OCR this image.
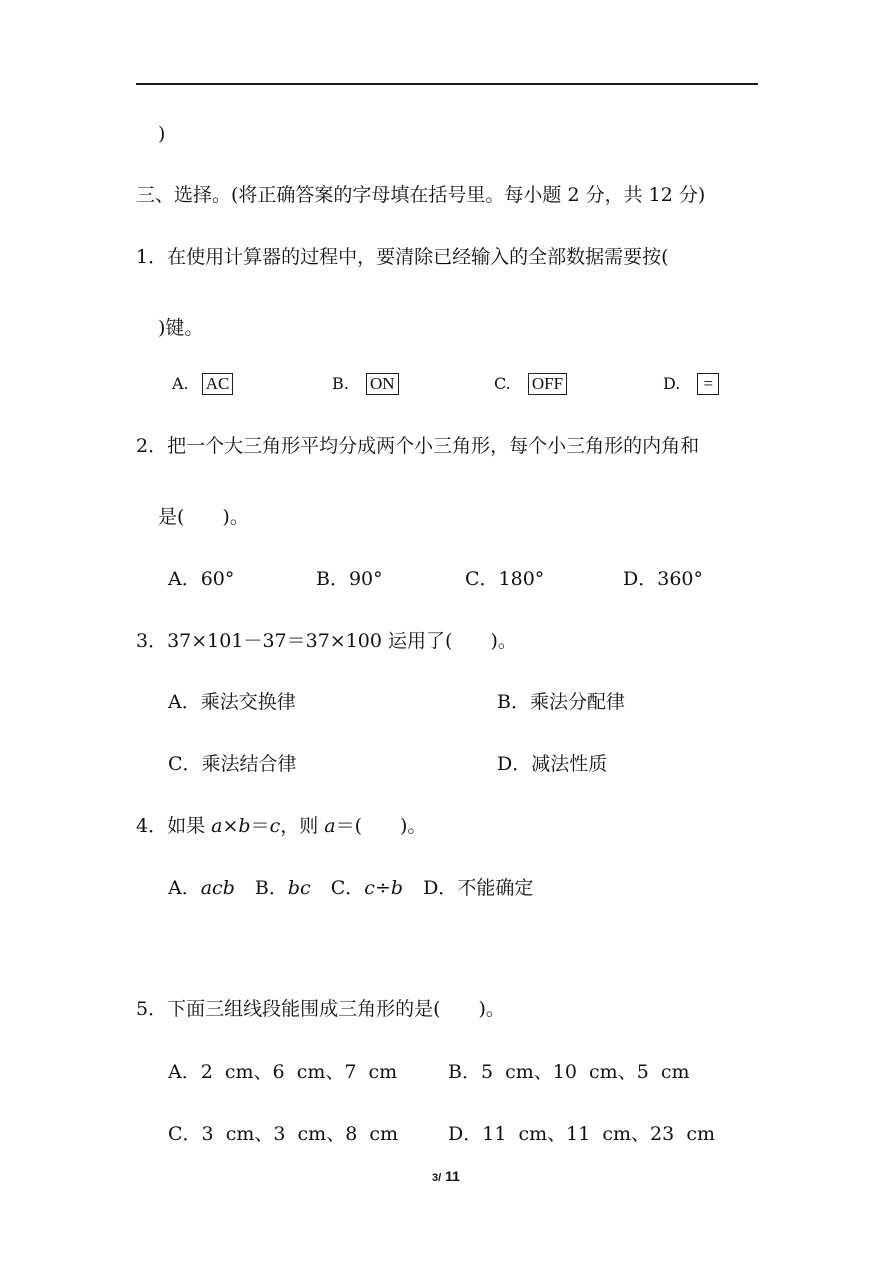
)
三、选择。(将正确答案的字母填在括号里。每小题 2 分，共 12 分)
1．在使用计算器的过程中，要清除已经输入的全部数据需要按(
)键。
A. AC	B. ON	C. OFF	D. =
2．把一个大三角形平均分成两个小三角形，每个小三角形的内角和
是(　　)。
A．60°	B．90°	C．180°	D．360°
3．37×101－37＝37×100 运用了(　　)。
A．乘法交换律	B．乘法分配律
C．乘法结合律	D．减法性质
4．如果 a×b＝c，则 a＝(　　)。
A．acb B．bc C．c÷b D．不能确定
5．下面三组线段能围成三角形的是(　　)。
A．2  cm、6  cm、7  cm	B．5  cm、10  cm、5  cm
C．3  cm、3  cm、8  cm	D．11  cm、11  cm、23  cm
3/ 11
